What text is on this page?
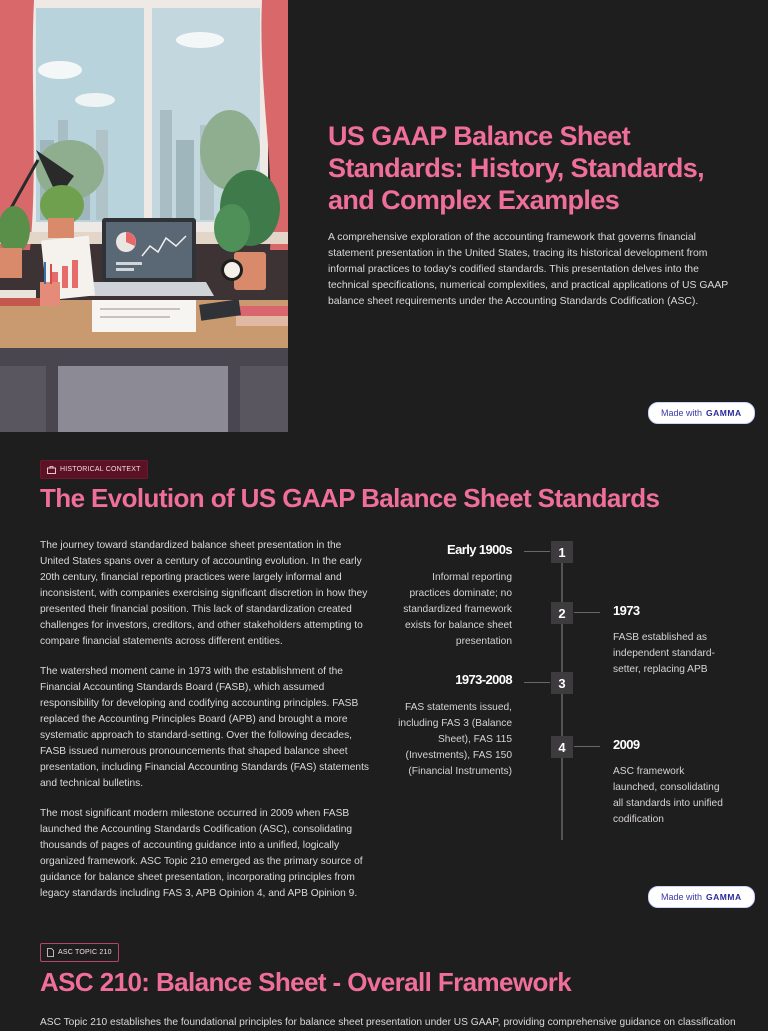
US GAAP Balance Sheet Standards: History, Standards, and Complex Examples

A comprehensive exploration of the accounting framework that governs financial statement presentation in the United States, tracing its historical development from informal practices to today's codified standards. This presentation delves into the technical specifications, numerical complexities, and practical applications of US GAAP balance sheet requirements under the Accounting Standards Codification (ASC).

Made with GAMMA
HISTORICAL CONTEXT
The Evolution of US GAAP Balance Sheet Standards

The journey toward standardized balance sheet presentation in the United States spans over a century of accounting evolution. In the early 20th century, financial reporting practices were largely informal and inconsistent, with companies exercising significant discretion in how they presented their financial position. This lack of standardization created challenges for investors, creditors, and other stakeholders attempting to compare financial statements across different entities.

The watershed moment came in 1973 with the establishment of the Financial Accounting Standards Board (FASB), which assumed responsibility for developing and codifying accounting principles. FASB replaced the Accounting Principles Board (APB) and brought a more systematic approach to standard-setting. Over the following decades, FASB issued numerous pronouncements that shaped balance sheet presentation, including Financial Accounting Standards (FAS) statements and technical bulletins.

The most significant modern milestone occurred in 2009 when FASB launched the Accounting Standards Codification (ASC), consolidating thousands of pages of accounting guidance into a unified, logically organized framework. ASC Topic 210 emerged as the primary source of guidance for balance sheet presentation, incorporating principles from legacy standards including FAS 3, APB Opinion 4, and APB Opinion 9.

Early 1900s	1
Informal reporting practices dominate; no standardized framework exists for balance sheet presentation
2	1973
FASB established as independent standard-setter, replacing APB
1973-2008	3
FAS statements issued, including FAS 3 (Balance Sheet), FAS 115 (Investments), FAS 150 (Financial Instruments)
4	2009
ASC framework launched, consolidating all standards into unified codification
Made with GAMMA
ASC TOPIC 210
ASC 210: Balance Sheet - Overall Framework
ASC Topic 210 establishes the foundational principles for balance sheet presentation under US GAAP, providing comprehensive guidance on classification
